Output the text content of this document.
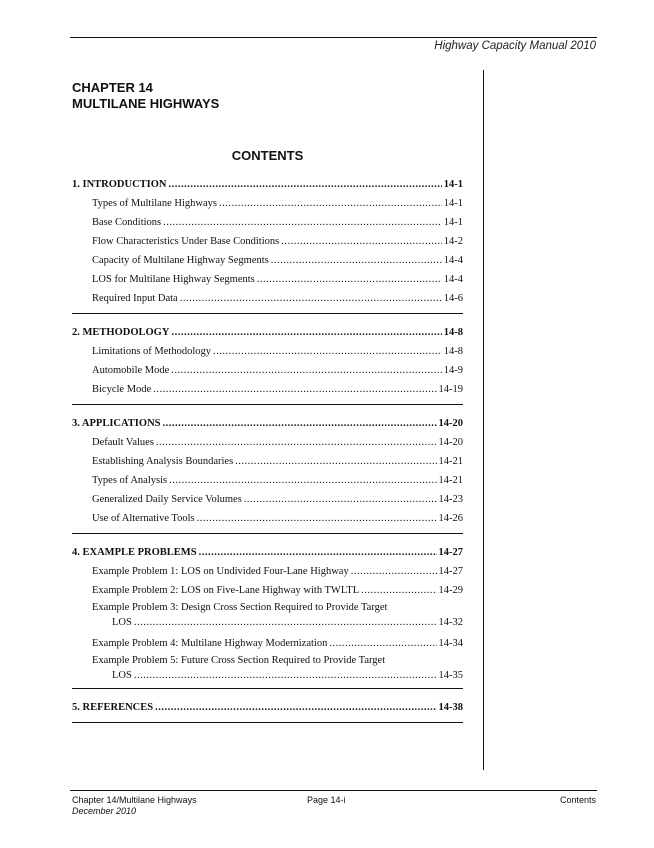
Highway Capacity Manual 2010
CHAPTER 14
MULTILANE HIGHWAYS
CONTENTS
1. INTRODUCTION .....	14-1
Types of Multilane Highways .....	14-1
Base Conditions .....	14-1
Flow Characteristics Under Base Conditions .....	14-2
Capacity of Multilane Highway Segments .....	14-4
LOS for Multilane Highway Segments .....	14-4
Required Input Data .....	14-6
2. METHODOLOGY .....	14-8
Limitations of Methodology .....	14-8
Automobile Mode .....	14-9
Bicycle Mode .....	14-19
3. APPLICATIONS .....	14-20
Default Values .....	14-20
Establishing Analysis Boundaries .....	14-21
Types of Analysis .....	14-21
Generalized Daily Service Volumes .....	14-23
Use of Alternative Tools .....	14-26
4. EXAMPLE PROBLEMS .....	14-27
Example Problem 1: LOS on Undivided Four-Lane Highway .....	14-27
Example Problem 2: LOS on Five-Lane Highway with TWLTL .....	14-29
Example Problem 3: Design Cross Section Required to Provide Target
LOS .....	14-32
Example Problem 4: Multilane Highway Modernization .....	14-34
Example Problem 5: Future Cross Section Required to Provide Target
LOS .....	14-35
5. REFERENCES .....	14-38
Chapter 14/Multilane Highways
December 2010
Page 14-i	Contents
